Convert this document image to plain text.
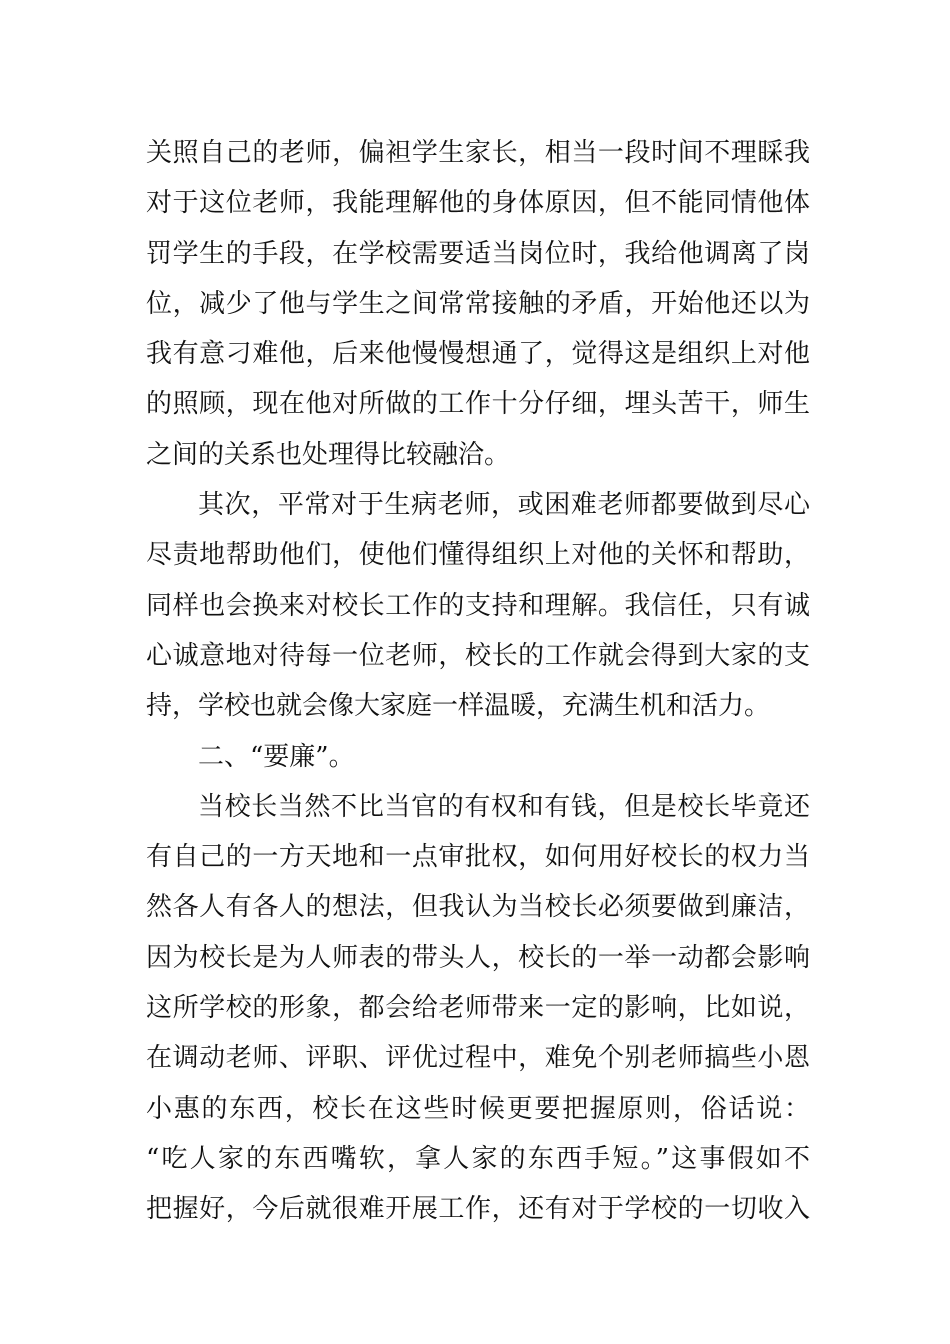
关照自己的老师，偏袒学生家长，相当一段时间不理睬我
对于这位老师，我能理解他的身体原因，但不能同情他体
罚学生的手段，在学校需要适当岗位时，我给他调离了岗
位，减少了他与学生之间常常接触的矛盾，开始他还以为
我有意刁难他，后来他慢慢想通了，觉得这是组织上对他
的照顾，现在他对所做的工作十分仔细，埋头苦干，师生
之间的关系也处理得比较融洽。
其次，平常对于生病老师，或困难老师都要做到尽心
尽责地帮助他们，使他们懂得组织上对他的关怀和帮助，
同样也会换来对校长工作的支持和理解。我信任，只有诚
心诚意地对待每一位老师，校长的工作就会得到大家的支
持，学校也就会像大家庭一样温暖，充满生机和活力。
二、“要廉”。
当校长当然不比当官的有权和有钱，但是校长毕竟还
有自己的一方天地和一点审批权，如何用好校长的权力当
然各人有各人的想法，但我认为当校长必须要做到廉洁，
因为校长是为人师表的带头人，校长的一举一动都会影响
这所学校的形象，都会给老师带来一定的影响，比如说，
在调动老师、评职、评优过程中，难免个别老师搞些小恩
小惠的东西，校长在这些时候更要把握原则，俗话说：
“吃人家的东西嘴软，拿人家的东西手短。”这事假如不
把握好，今后就很难开展工作，还有对于学校的一切收入
